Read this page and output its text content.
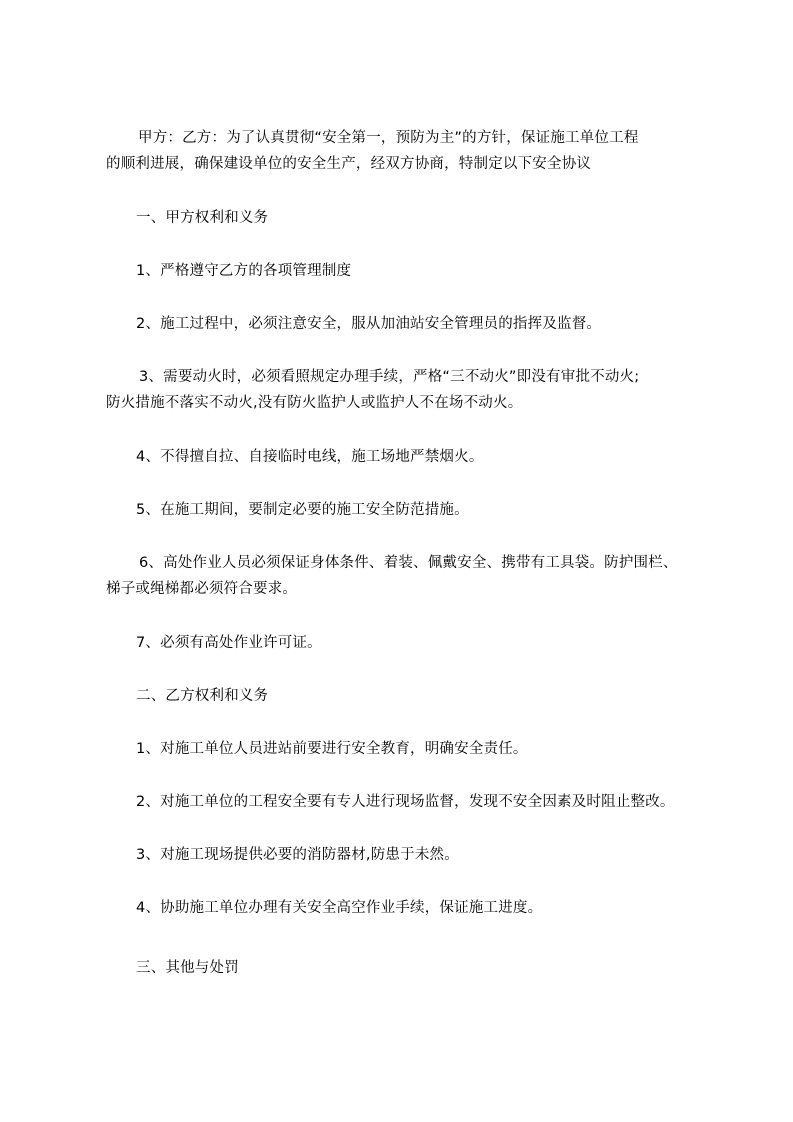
甲方：乙方：为了认真贯彻“安全第一，预防为主”的方针，保证施工单位工程
的顺利进展，确保建设单位的安全生产，经双方协商，特制定以下安全协议
一、甲方权利和义务
1、严格遵守乙方的各项管理制度
2、施工过程中，必须注意安全，服从加油站安全管理员的指挥及监督。
3、需要动火时，必须看照规定办理手续，严格“三不动火”即没有审批不动火;
防火措施不落实不动火,没有防火监护人或监护人不在场不动火。
4、不得擅自拉、自接临时电线，施工场地严禁烟火。
5、在施工期间，要制定必要的施工安全防范措施。
6、高处作业人员必须保证身体条件、着装、佩戴安全、携带有工具袋。防护围栏、
梯子或绳梯都必须符合要求。
7、必须有高处作业许可证。
二、乙方权利和义务
1、对施工单位人员进站前要进行安全教育，明确安全责任。
2、对施工单位的工程安全要有专人进行现场监督，发现不安全因素及时阻止整改。
3、对施工现场提供必要的消防器材,防患于未然。
4、协助施工单位办理有关安全高空作业手续，保证施工进度。
三、其他与处罚
